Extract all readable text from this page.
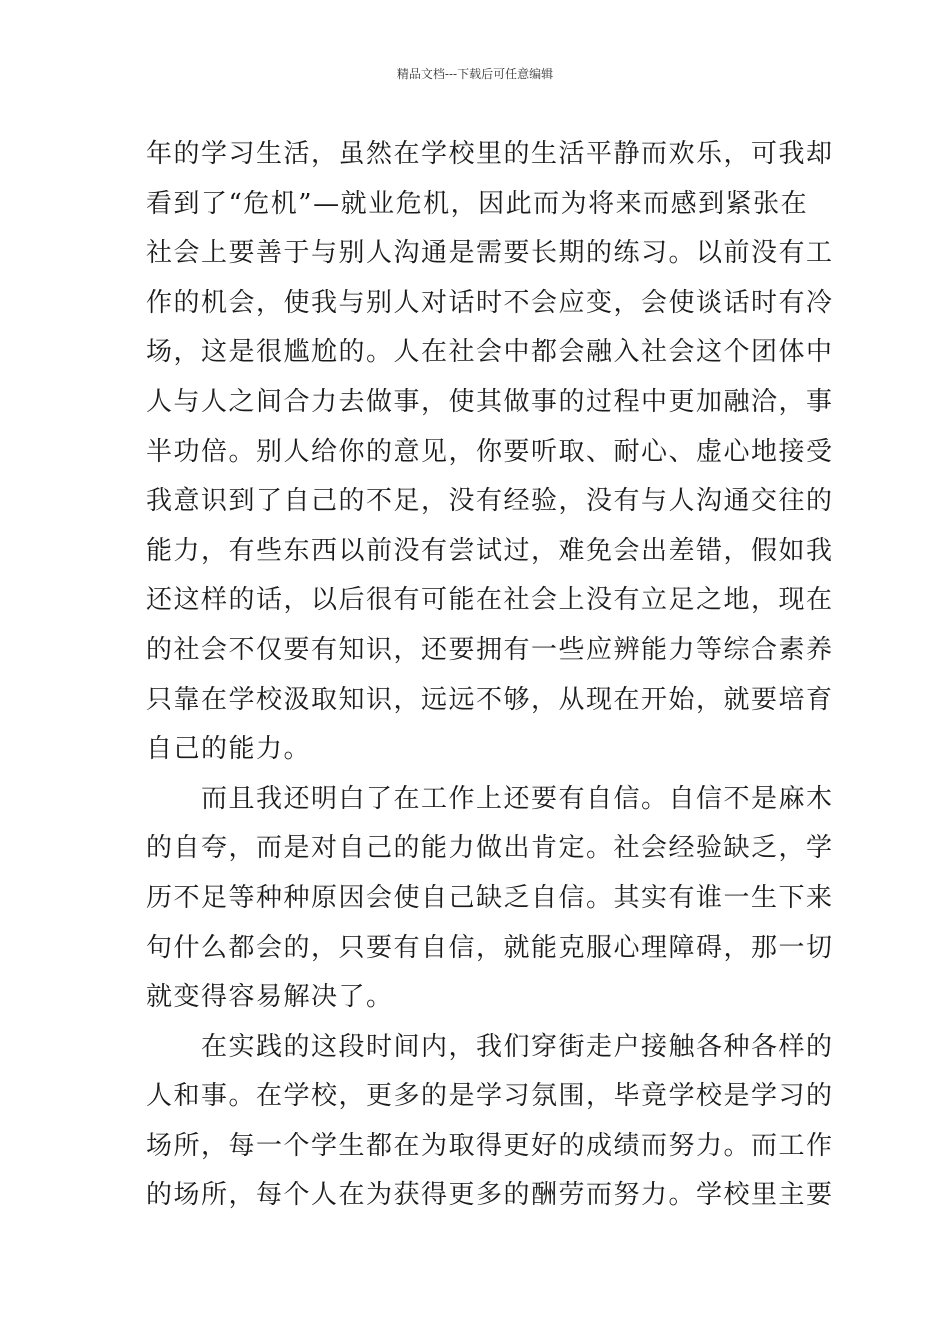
精品文档---下载后可任意编辑
年的学习生活，虽然在学校里的生活平静而欢乐，可我却
看到了“危机”—就业危机，因此而为将来而感到紧张在
社会上要善于与别人沟通是需要长期的练习。以前没有工
作的机会，使我与别人对话时不会应变，会使谈话时有冷
场，这是很尴尬的。人在社会中都会融入社会这个团体中
人与人之间合力去做事，使其做事的过程中更加融洽，事
半功倍。别人给你的意见，你要听取、耐心、虚心地接受
我意识到了自己的不足，没有经验，没有与人沟通交往的
能力，有些东西以前没有尝试过，难免会出差错，假如我
还这样的话，以后很有可能在社会上没有立足之地，现在
的社会不仅要有知识，还要拥有一些应辨能力等综合素养
只靠在学校汲取知识，远远不够，从现在开始，就要培育
自己的能力。
　　而且我还明白了在工作上还要有自信。自信不是麻木
的自夸，而是对自己的能力做出肯定。社会经验缺乏，学
历不足等种种原因会使自己缺乏自信。其实有谁一生下来
句什么都会的，只要有自信，就能克服心理障碍，那一切
就变得容易解决了。
　　在实践的这段时间内，我们穿街走户接触各种各样的
人和事。在学校，更多的是学习氛围，毕竟学校是学习的
场所，每一个学生都在为取得更好的成绩而努力。而工作
的场所，每个人在为获得更多的酬劳而努力。学校里主要
